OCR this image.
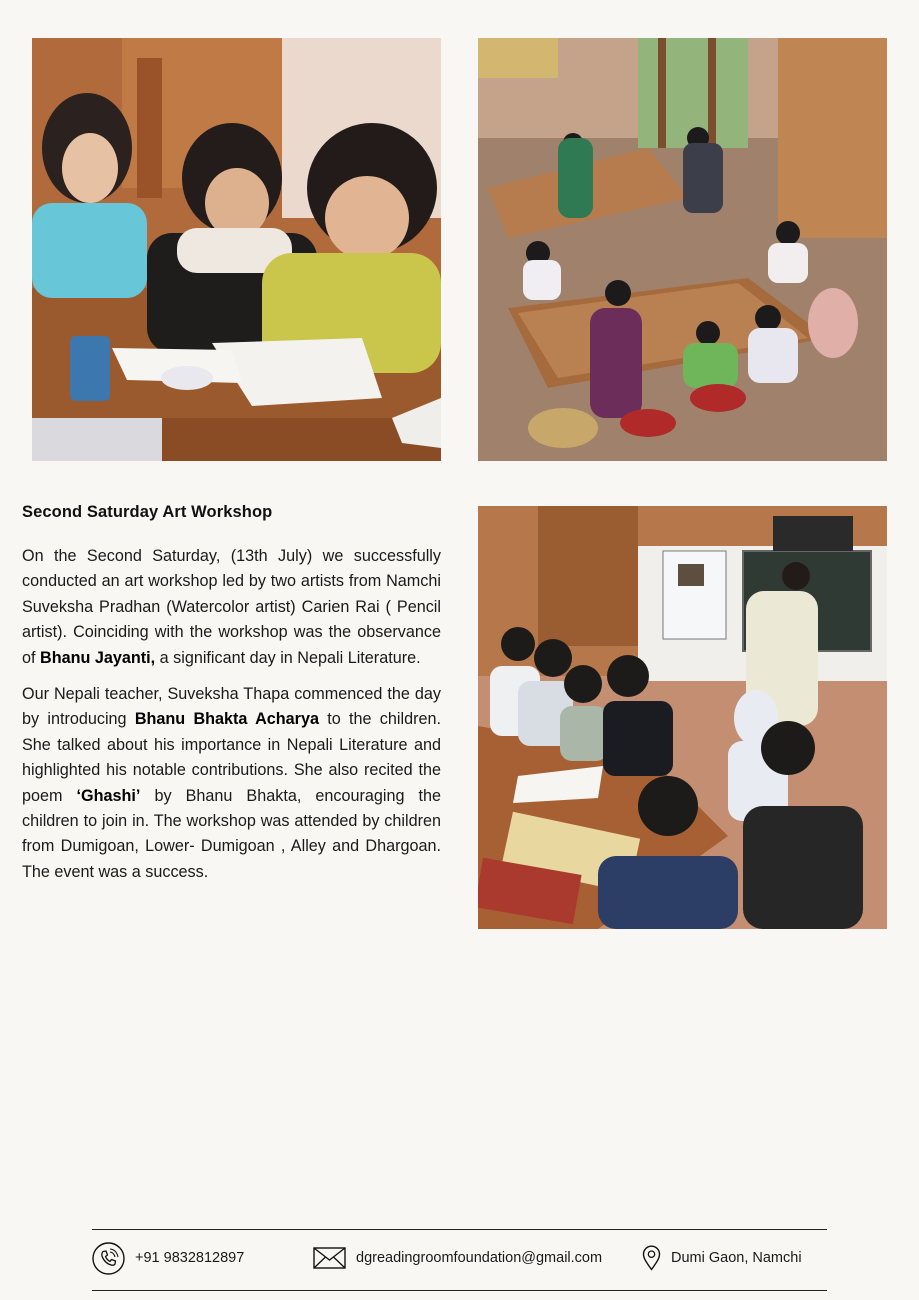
Second Saturday Art Workshop

On the Second Saturday, (13th July) we successfully conducted an art workshop led by two artists from Namchi Suveksha Pradhan (Watercolor artist) Carien Rai ( Pencil artist). Coinciding with the workshop was the observance of Bhanu Jayanti, a significant day in Nepali Literature.

Our Nepali teacher, Suveksha Thapa commenced the day by introducing Bhanu Bhakta Acharya to the children. She talked about his importance in Nepali Literature and highlighted his notable contributions. She also recited the poem ‘Ghashi’ by Bhanu Bhakta, encouraging the children to join in. The workshop was attended by children from Dumigoan, Lower- Dumigoan , Alley and Dhargoan. The event was a success.

+91 9832812897	dgreadingroomfoundation@gmail.com	Dumi Gaon, Namchi
